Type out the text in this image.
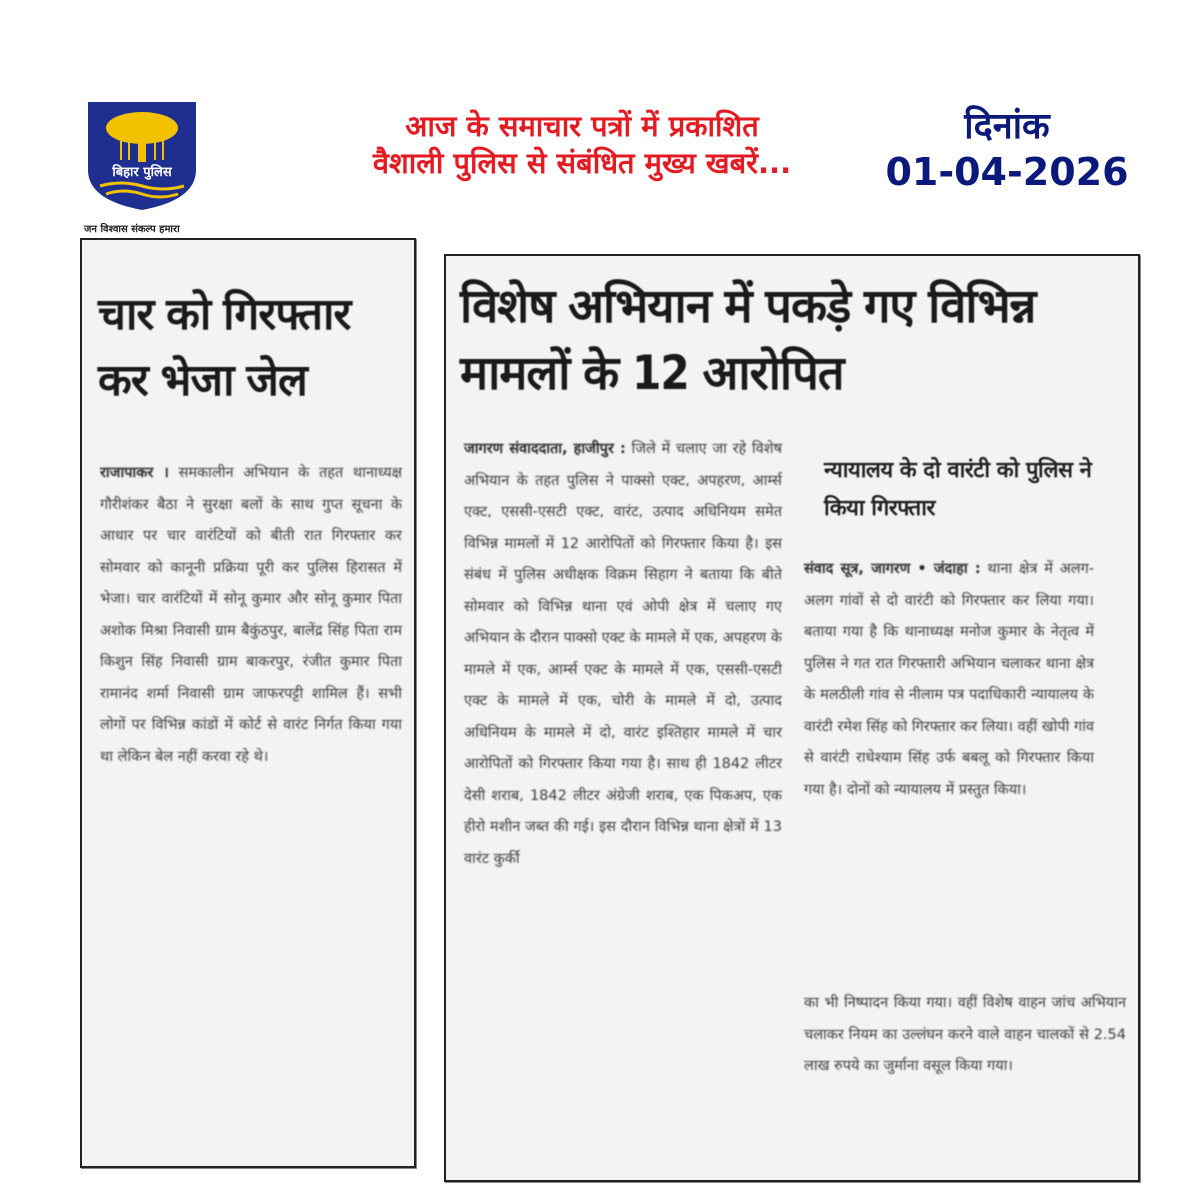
बिहार पुलिस
जन विश्वास संकल्प हमारा
आज के समाचार पत्रों में प्रकाशित
वैशाली पुलिस से संबंधित मुख्य खबरें...
दिनांक
01-04-2026
चार को गिरफ्तार कर भेजा जेल
राजापाकर । समकालीन अभियान के तहत थानाध्यक्ष गौरीशंकर बैठा ने सुरक्षा बलों के साथ गुप्त सूचना के आधार पर चार वारंटियों को बीती रात गिरफ्तार कर सोमवार को कानूनी प्रक्रिया पूरी कर पुलिस हिरासत में भेजा। चार वारंटियों में सोनू कुमार और सोनू कुमार पिता अशोक मिश्रा निवासी ग्राम बैकुंठपुर, बालेंद्र सिंह पिता राम किशुन सिंह निवासी ग्राम बाकरपुर, रंजीत कुमार पिता रामानंद शर्मा निवासी ग्राम जाफरपट्टी शामिल हैं। सभी लोगों पर विभिन्न कांडों में कोर्ट से वारंट निर्गत किया गया था लेकिन बेल नहीं करवा रहे थे।
विशेष अभियान में पकड़े गए विभिन्न मामलों के 12 आरोपित
जागरण संवाददाता, हाजीपुर : जिले में चलाए जा रहे विशेष अभियान के तहत पुलिस ने पाक्सो एक्ट, अपहरण, आर्म्स एक्ट, एससी-एसटी एक्ट, वारंट, उत्पाद अधिनियम समेत विभिन्न मामलों में 12 आरोपितों को गिरफ्तार किया है। इस संबंध में पुलिस अधीक्षक विक्रम सिहाग ने बताया कि बीते सोमवार को विभिन्न थाना एवं ओपी क्षेत्र में चलाए गए अभियान के दौरान पाक्सो एक्ट के मामले में एक, अपहरण के मामले में एक, आर्म्स एक्ट के मामले में एक, एससी-एसटी एक्ट के मामले में एक, चोरी के मामले में दो, उत्पाद अधिनियम के मामले में दो, वारंट इश्तिहार मामले में चार आरोपितों को गिरफ्तार किया गया है। साथ ही 1842 लीटर देसी शराब, 1842 लीटर अंग्रेजी शराब, एक पिकअप, एक हीरो मशीन जब्त की गई। इस दौरान विभिन्न थाना क्षेत्रों में 13 वारंट कुर्की
न्यायालय के दो वारंटी को पुलिस ने किया गिरफ्तार
संवाद सूत्र, जागरण • जंदाहा : थाना क्षेत्र में अलग-अलग गांवों से दो वारंटी को गिरफ्तार कर लिया गया। बताया गया है कि थानाध्यक्ष मनोज कुमार के नेतृत्व में पुलिस ने गत रात गिरफ्तारी अभियान चलाकर थाना क्षेत्र के मलठीली गांव से नीलाम पत्र पदाधिकारी न्यायालय के वारंटी रमेश सिंह को गिरफ्तार कर लिया। वहीं खोपी गांव से वारंटी राधेश्याम सिंह उर्फ बबलू को गिरफ्तार किया गया है। दोनों को न्यायालय में प्रस्तुत किया।
का भी निष्पादन किया गया। वहीं विशेष वाहन जांच अभियान चलाकर नियम का उल्लंघन करने वाले वाहन चालकों से 2.54 लाख रुपये का जुर्माना वसूल किया गया।
